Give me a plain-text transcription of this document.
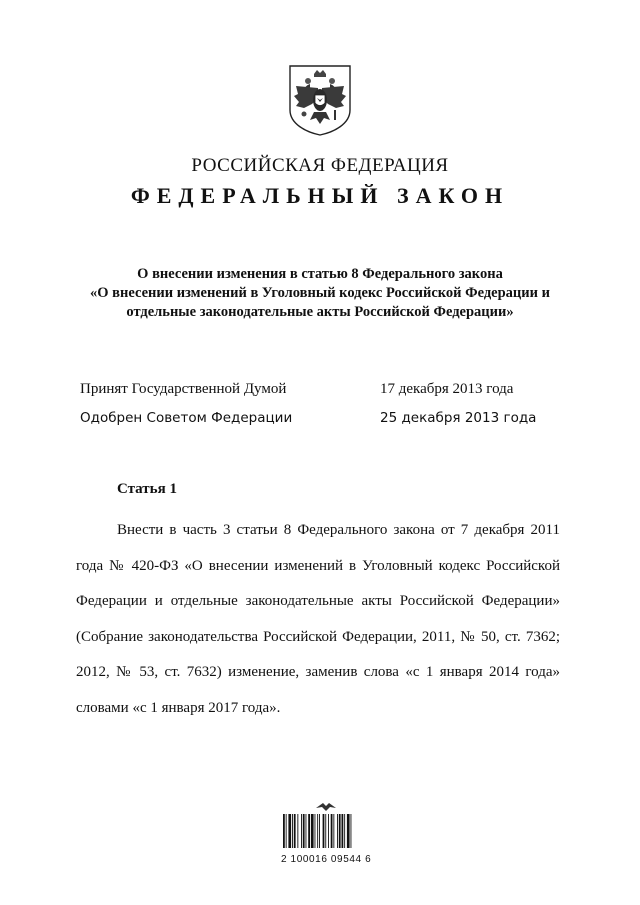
РОССИЙСКАЯ ФЕДЕРАЦИЯ
ФЕДЕРАЛЬНЫЙ ЗАКОН
О внесении изменения в статью 8 Федерального закона
«О внесении изменений в Уголовный кодекс Российской Федерации и
отдельные законодательные акты Российской Федерации»
Принят Государственной Думой	17 декабря 2013 года
Одобрен Советом Федерации	25 декабря 2013 года
Статья 1
Внести в часть 3 статьи 8 Федерального закона от 7 декабря 2011 года № 420-ФЗ «О внесении изменений в Уголовный кодекс Российской Федерации и отдельные законодательные акты Российской Федерации» (Собрание законодательства Российской Федерации, 2011, № 50, ст. 7362; 2012, № 53, ст. 7632) изменение, заменив слова «с 1 января 2014 года» словами «с 1 января 2017 года».
2 100016 09544 6
